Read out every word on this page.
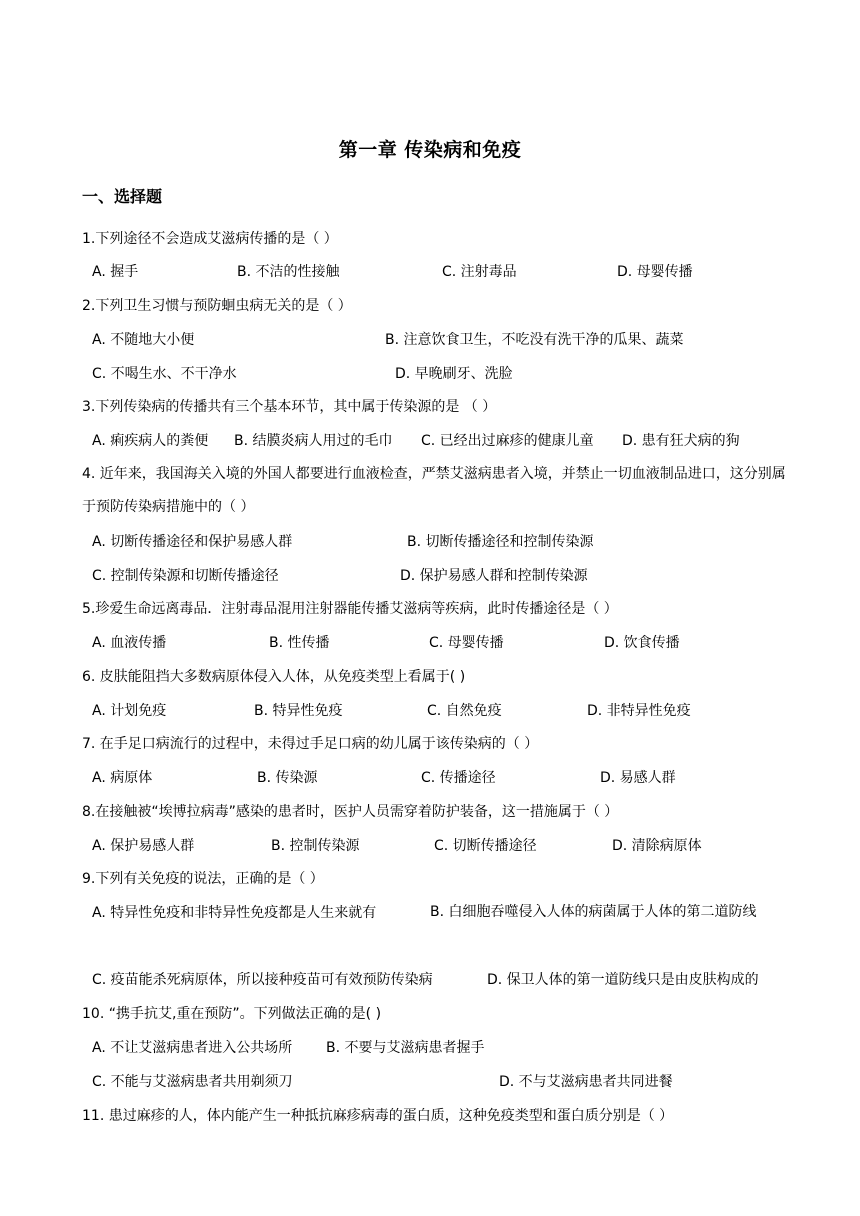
第一章 传染病和免疫
一、选择题
1.下列途径不会造成艾滋病传播的是（ ）
A. 握手	B. 不洁的性接触	C. 注射毒品	D. 母婴传播
2.下列卫生习惯与预防蛔虫病无关的是（ ）
A. 不随地大小便	B. 注意饮食卫生，不吃没有洗干净的瓜果、蔬菜
C. 不喝生水、不干净水	D. 早晚刷牙、洗脸
3.下列传染病的传播共有三个基本环节，其中属于传染源的是 （ ）
A. 痢疾病人的粪便 B. 结膜炎病人用过的毛巾 C. 已经出过麻疹的健康儿童 D. 患有狂犬病的狗
4. 近年来，我国海关入境的外国人都要进行血液检查，严禁艾滋病患者入境，并禁止一切血液制品进口，这分别属于预防传染病措施中的（ ）
A. 切断传播途径和保护易感人群	B. 切断传播途径和控制传染源
C. 控制传染源和切断传播途径	D. 保护易感人群和控制传染源
5.珍爱生命远离毒品．注射毒品混用注射器能传播艾滋病等疾病，此时传播途径是（ ）
A. 血液传播	B. 性传播	C. 母婴传播	D. 饮食传播
6. 皮肤能阻挡大多数病原体侵入人体，从免疫类型上看属于( )
A. 计划免疫	B. 特异性免疫	C. 自然免疫	D. 非特异性免疫
7. 在手足口病流行的过程中，未得过手足口病的幼儿属于该传染病的（ ）
A. 病原体	B. 传染源	C. 传播途径	D. 易感人群
8.在接触被“埃博拉病毒”感染的患者时，医护人员需穿着防护装备，这一措施属于（ ）
A. 保护易感人群	B. 控制传染源	C. 切断传播途径	D. 清除病原体
9.下列有关免疫的说法，正确的是（ ）
A. 特异性免疫和非特异性免疫都是人生来就有	B. 白细胞吞噬侵入人体的病菌属于人体的第二道防线
C. 疫苗能杀死病原体，所以接种疫苗可有效预防传染病	D. 保卫人体的第一道防线只是由皮肤构成的
10. “携手抗艾,重在预防”。下列做法正确的是( )
A. 不让艾滋病患者进入公共场所 B. 不要与艾滋病患者握手
C. 不能与艾滋病患者共用剃须刀	D. 不与艾滋病患者共同进餐
11. 患过麻疹的人，体内能产生一种抵抗麻疹病毒的蛋白质，这种免疫类型和蛋白质分别是（ ）
